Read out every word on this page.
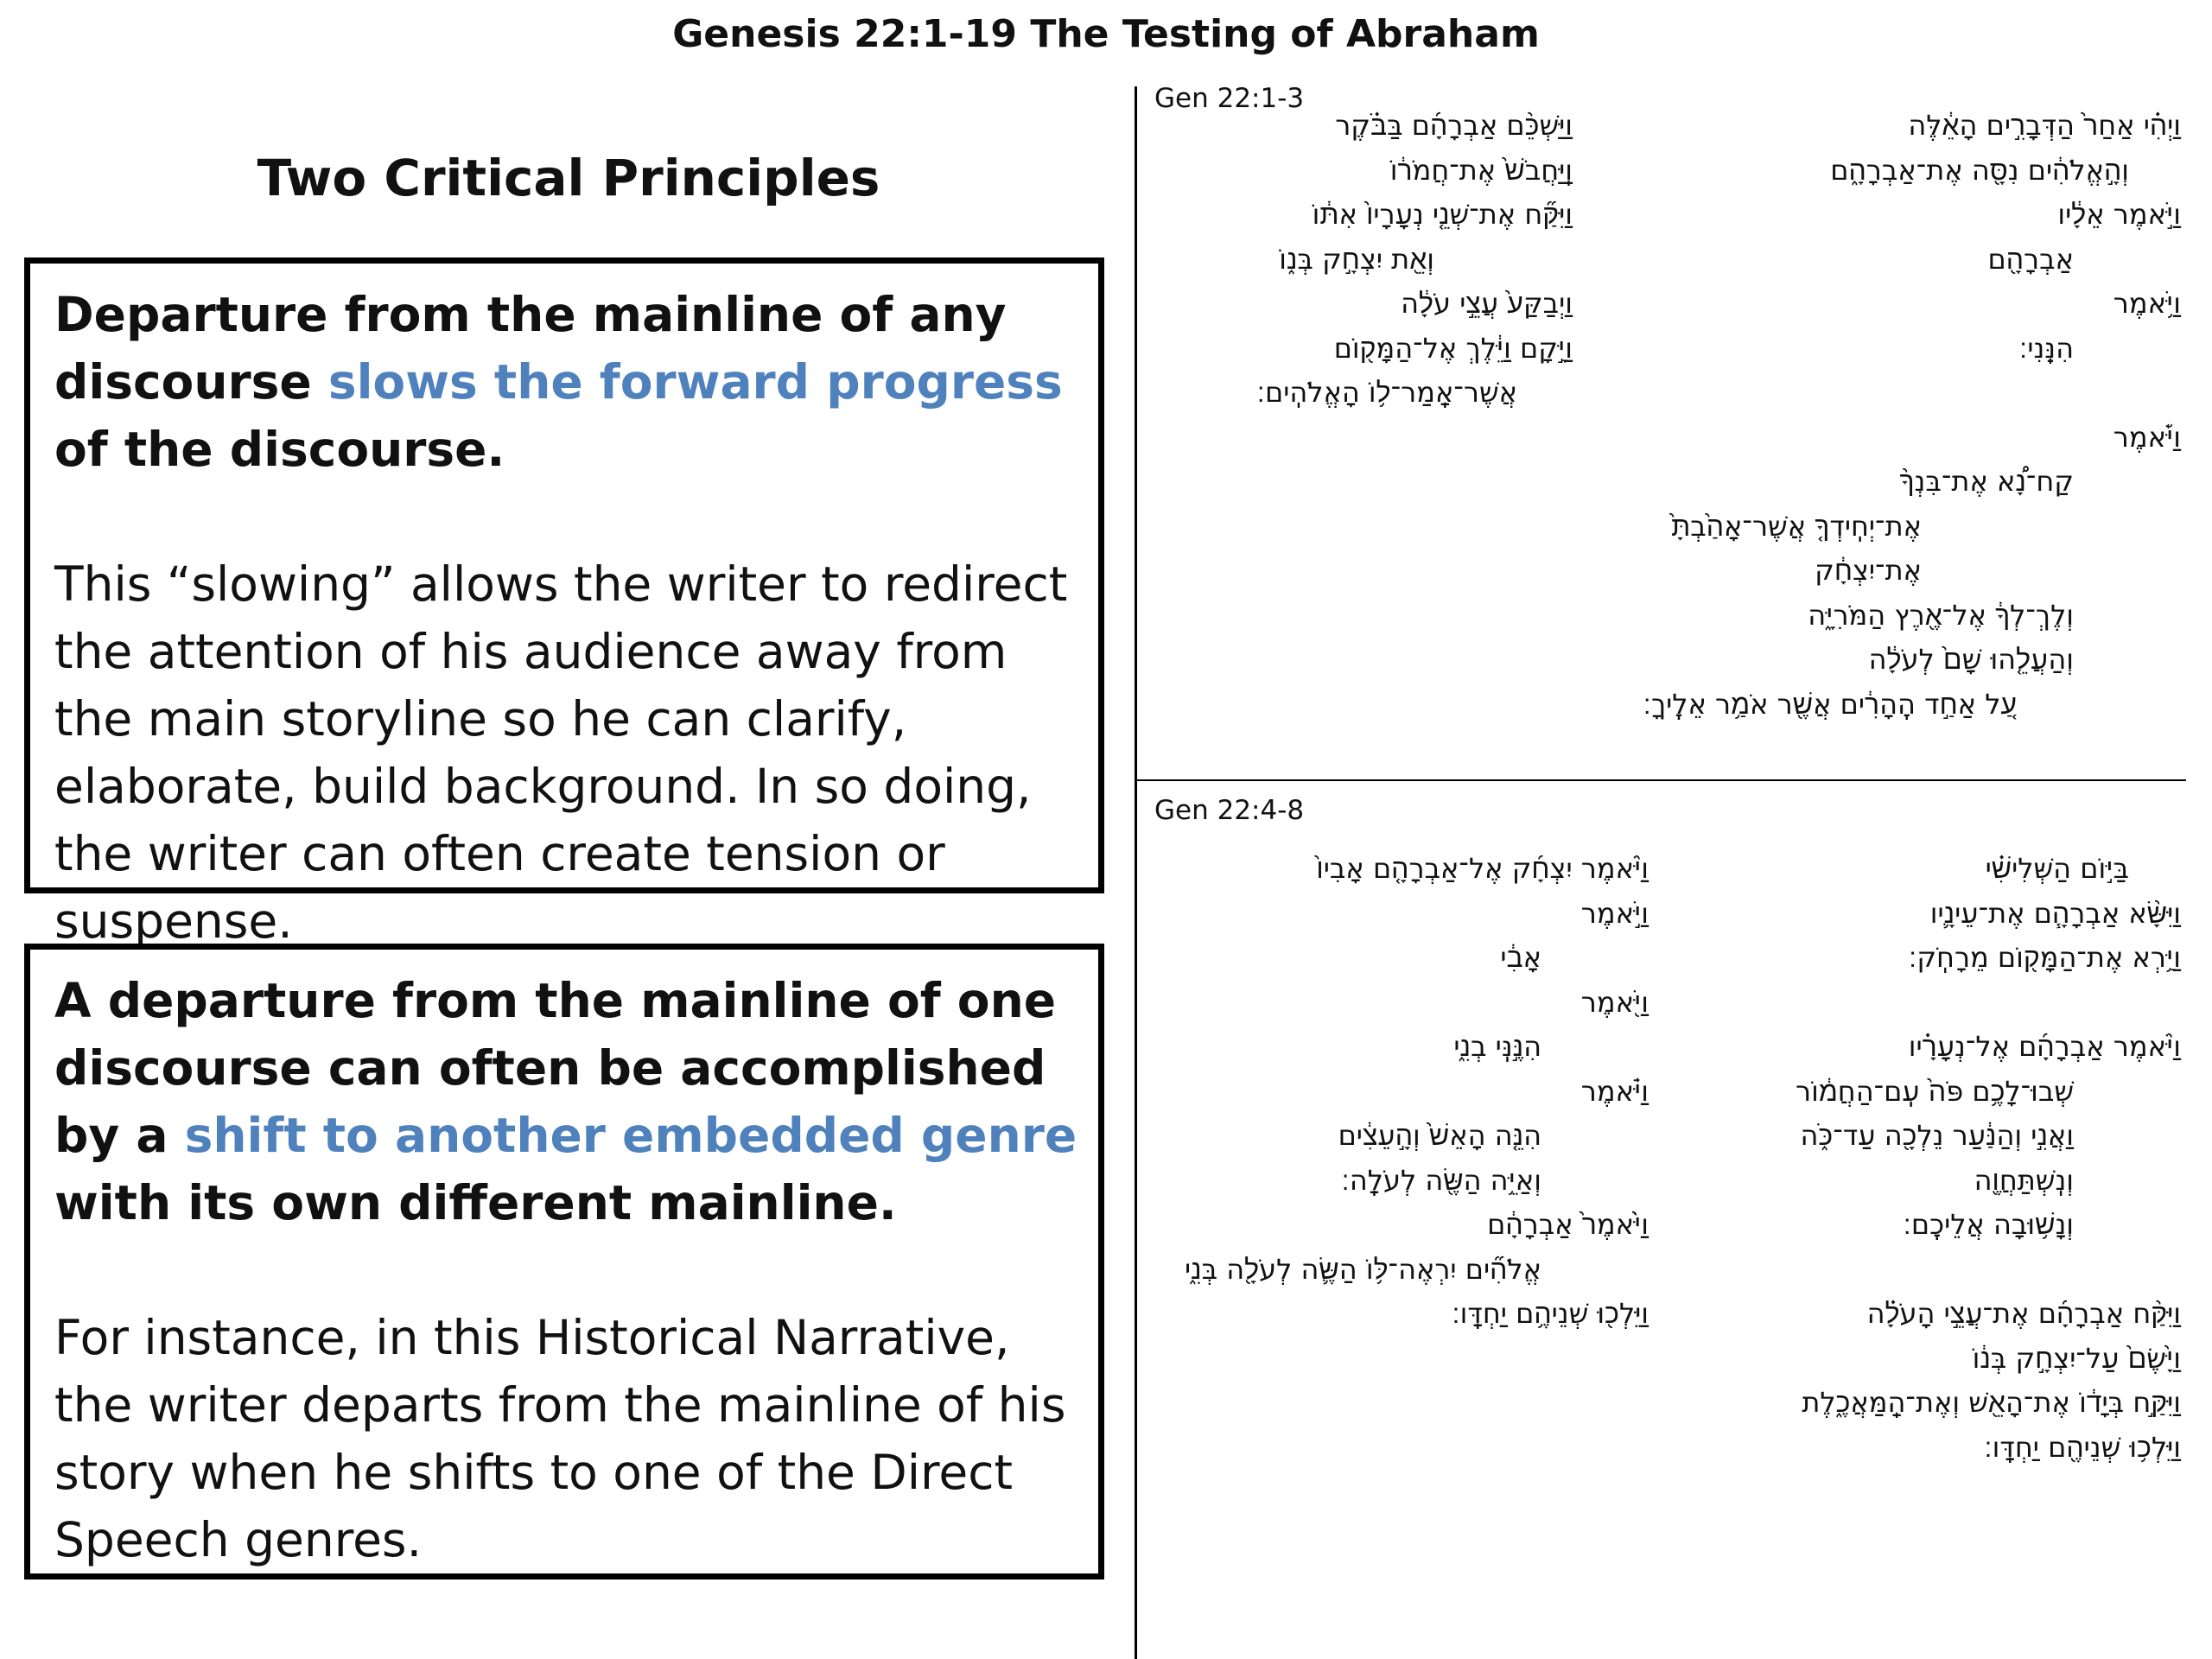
Genesis 22:1-19 The Testing of Abraham
Two Critical Principles

Departure from the mainline of any discourse slows the forward progress of the discourse.

This “slowing” allows the writer to redirect the attention of his audience away from the main storyline so he can clarify, elaborate, build background. In so doing, the writer can often create tension or suspense.

A departure from the mainline of one discourse can often be accomplished by a shift to another embedded genre with its own different mainline.

For instance, in this Historical Narrative, the writer departs from the mainline of his story when he shifts to one of the Direct Speech genres.

Gen 22:1-3
וַיְהִ֗י אַחַר֙ הַדְּבָרִ֣ים הָאֵ֔לֶּה
וְהָ֣אֱלֹהִ֔ים נִסָּ֖ה אֶת־אַבְרָהָ֑ם
וַיֹּ֣אמֶר אֵלָ֔יו
אַבְרָהָ֖ם
וַיֹּ֥אמֶר
הִנֵּֽנִי׃
וַיֹּ֡אמֶר
קַח־נָ֠א אֶת־בִּנְךָ֨
אֶת־יְחִֽידְךָ֤ אֲשֶׁר־אָהַ֙בְתָּ֙
אֶת־יִצְחָ֔ק
וְלֶךְ־לְךָ֔ אֶל־אֶ֖רֶץ הַמֹּרִיָּ֑ה
וְהַעֲלֵ֤הוּ שָׁם֙ לְעֹלָ֔ה
עַ֚ל אַחַ֣ד הֶֽהָרִ֔ים אֲשֶׁ֖ר אֹמַ֥ר אֵלֶֽיךָ׃
וַיַּשְׁכֵּ֨ם אַבְרָהָ֜ם בַּבֹּ֗קֶר
וַֽיַּחֲבֹשׁ֙ אֶת־חֲמֹר֔וֹ
וַיִּקַּ֞ח אֶת־שְׁנֵ֤י נְעָרָיו֙ אִתּ֔וֹ
וְאֵ֖ת יִצְחָ֣ק בְּנ֑וֹ
וַיְבַקַּע֙ עֲצֵ֣י עֹלָ֔ה
וַיָּ֣קָם וַיֵּ֔לֶךְ אֶל־הַמָּק֖וֹם
אֲשֶׁר־אָֽמַר־ל֥וֹ הָאֱלֹהִֽים׃
Gen 22:4-8
בַּיּ֣וֹם הַשְּׁלִישִׁ֗י
וַיִּשָּׂ֨א אַבְרָהָ֧ם אֶת־עֵינָ֛יו
וַיַּ֥רְא אֶת־הַמָּק֖וֹם מֵרָחֹֽק׃
וַיֹּ֨אמֶר אַבְרָהָ֜ם אֶל־נְעָרָ֗יו
שְׁבוּ־לָכֶ֥ם פֹּה֙ עִֽם־הַחֲמ֔וֹר
וַאֲנִ֣י וְהַנַּ֔עַר נֵלְכָ֖ה עַד־כֹּ֑ה
וְנִֽשְׁתַּחֲוֶ֖ה
וְנָשׁ֥וּבָה אֲלֵיכֶֽם׃
וַיִּקַּ֨ח אַבְרָהָ֜ם אֶת־עֲצֵ֣י הָעֹלָ֗ה
וַיָּ֙שֶׂם֙ עַל־יִצְחָ֣ק בְּנ֔וֹ
וַיִּקַּ֣ח בְּיָד֔וֹ אֶת־הָאֵ֖שׁ וְאֶת־הַֽמַּאֲכֶ֑לֶת
וַיֵּלְכ֥וּ שְׁנֵיהֶ֖ם יַחְדָּֽו׃
וַיֹּ֨אמֶר יִצְחָ֜ק אֶל־אַבְרָהָ֤ם אָבִיו֙
וַיֹּ֣אמֶר
אָבִ֔י
וַיֹּ֖אמֶר
הִנֶּ֣נִּֽי בְנִ֑י
וַיֹּ֗אמֶר
הִנֵּ֤ה הָאֵשׁ֙ וְהָ֣עֵצִ֔ים
וְאַיֵּ֥ה הַשֶּׂ֖ה לְעֹלָֽה׃
וַיֹּ֙אמֶר֙ אַבְרָהָ֔ם
אֱלֹהִ֞ים יִרְאֶה־לּ֥וֹ הַשֶּׂ֛ה לְעֹלָ֖ה בְּנִ֑י
וַיֵּלְכ֖וּ שְׁנֵיהֶ֥ם יַחְדָּֽו׃
